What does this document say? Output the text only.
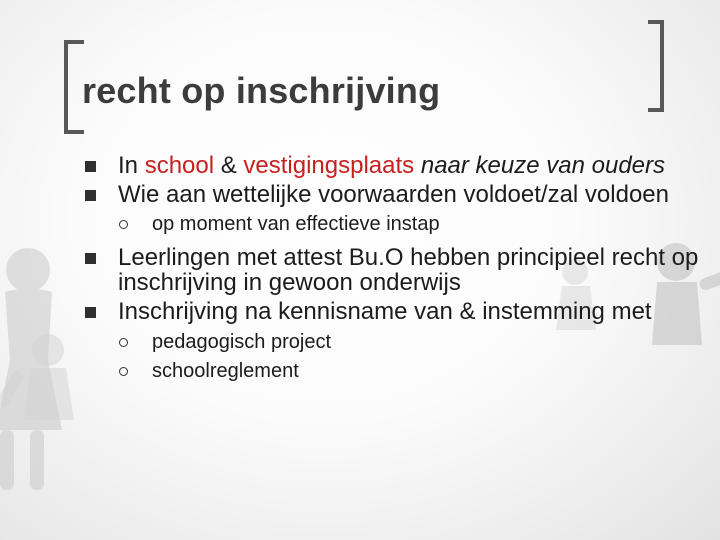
recht op inschrijving
In school & vestigingsplaats naar keuze van ouders
Wie aan wettelijke voorwaarden voldoet/zal voldoen
op moment van effectieve instap
Leerlingen met attest Bu.O hebben principieel recht op inschrijving in gewoon onderwijs
Inschrijving na kennisname van & instemming met
pedagogisch project
schoolreglement
